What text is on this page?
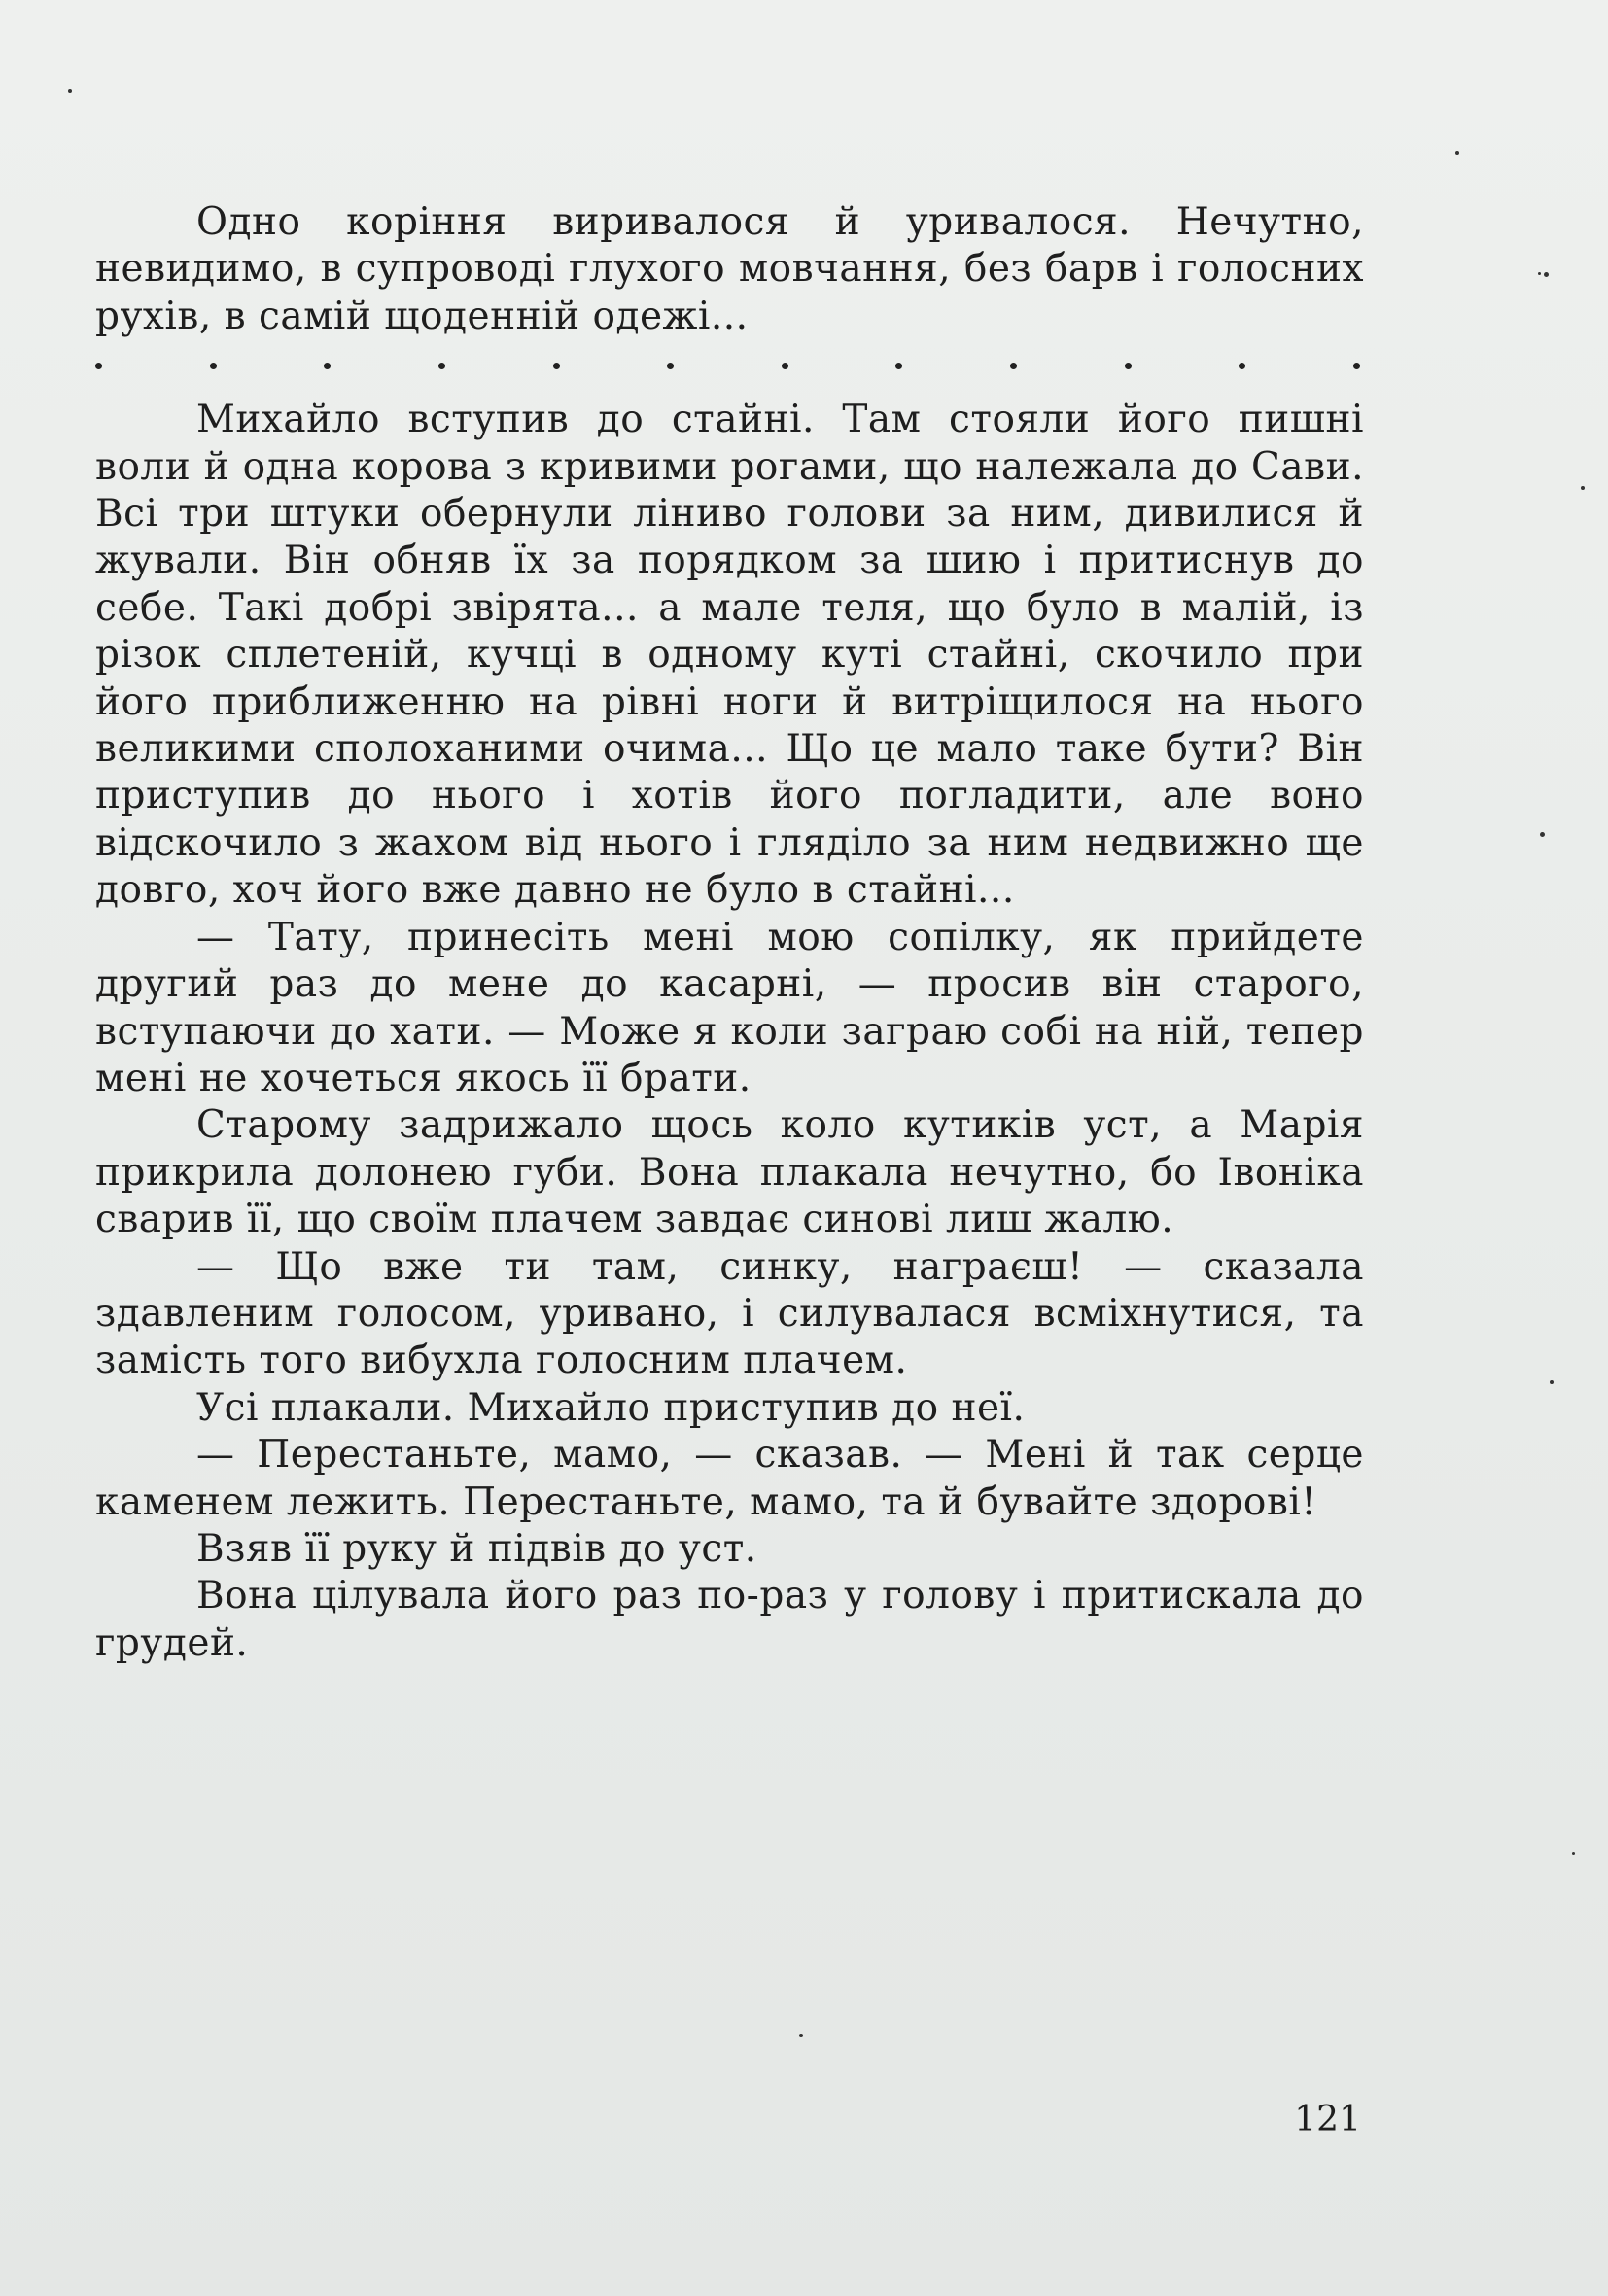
Одно коріння виривалося й уривалося. Нечутно, невидимо, в супроводі глухого мовчання, без барв і голосних рухів, в самій щоденній одежі...

Михайло вступив до стайні. Там стояли його пишні воли й одна корова з кривими рогами, що належала до Сави. Всі три штуки обернули ліниво голови за ним, дивилися й жували. Він обняв їх за порядком за шию і притиснув до себе. Такі добрі звірята... а мале теля, що було в малій, із різок сплетеній, кучці в одному куті стайні, скочило при його приближенню на рівні ноги й витріщилося на нього великими сполоханими очима... Що це мало таке бути? Він приступив до нього і хотів його погладити, але воно відскочило з жахом від нього і гляділо за ним недвижно ще довго, хоч його вже давно не було в стайні...

— Тату, принесіть мені мою сопілку, як прийдете другий раз до мене до касарні, — просив він старого, вступаючи до хати. — Може я коли заграю собі на ній, тепер мені не хочеться якось її брати.

Старому задрижало щось коло кутиків уст, а Марія прикрила долонею губи. Вона плакала нечутно, бо Івоніка сварив її, що своїм плачем завдає синові лиш жалю.

— Що вже ти там, синку, награєш! — сказала здавленим голосом, уривано, і силувалася всміхнутися, та замість того вибухла голосним плачем.

Усі плакали. Михайло приступив до неї.

— Перестаньте, мамо, — сказав. — Мені й так серце каменем лежить. Перестаньте, мамо, та й бувайте здорові!

Взяв її руку й підвів до уст.

Вона цілувала його раз по-раз у голову і притискала до грудей.

121
